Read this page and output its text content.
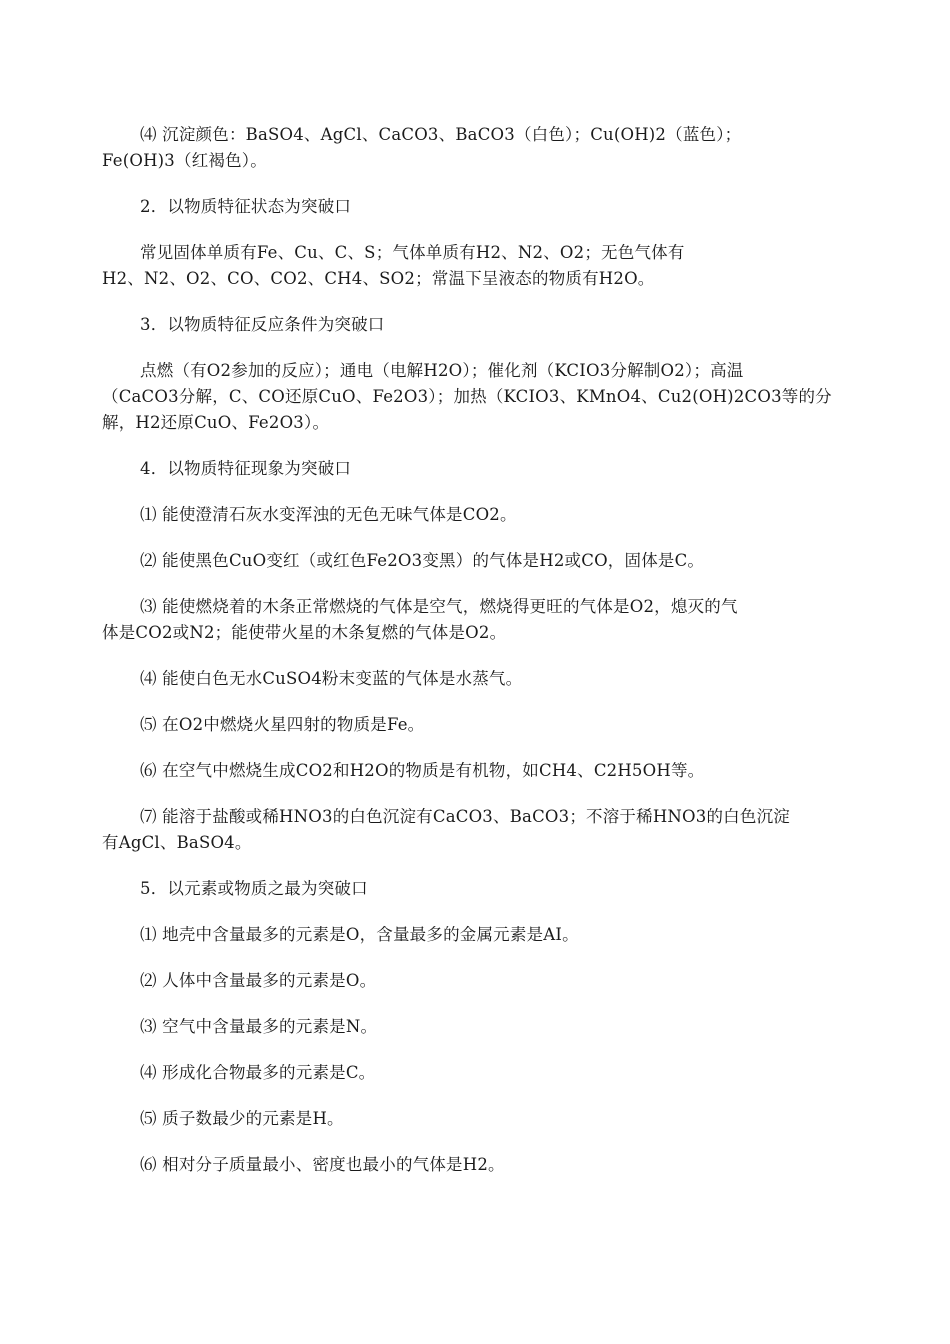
⑷ 沉淀颜色：BaSO4、AgCl、CaCO3、BaCO3（白色）；Cu(OH)2（蓝色）；
Fe(OH)3（红褐色）。

2．以物质特征状态为突破口

常见固体单质有Fe、Cu、C、S；气体单质有H2、N2、O2；无色气体有
H2、N2、O2、CO、CO2、CH4、SO2；常温下呈液态的物质有H2O。

3．以物质特征反应条件为突破口

点燃（有O2参加的反应）；通电（电解H2O）；催化剂（KCIO3分解制O2）；高温
（CaCO3分解，C、CO还原CuO、Fe2O3）；加热（KCIO3、KMnO4、Cu2(OH)2CO3等的分
解，H2还原CuO、Fe2O3）。

4．以物质特征现象为突破口

⑴ 能使澄清石灰水变浑浊的无色无味气体是CO2。

⑵ 能使黑色CuO变红（或红色Fe2O3变黑）的气体是H2或CO，固体是C。

⑶ 能使燃烧着的木条正常燃烧的气体是空气，燃烧得更旺的气体是O2，熄灭的气
体是CO2或N2；能使带火星的木条复燃的气体是O2。

⑷ 能使白色无水CuSO4粉末变蓝的气体是水蒸气。

⑸ 在O2中燃烧火星四射的物质是Fe。

⑹ 在空气中燃烧生成CO2和H2O的物质是有机物，如CH4、C2H5OH等。

⑺ 能溶于盐酸或稀HNO3的白色沉淀有CaCO3、BaCO3；不溶于稀HNO3的白色沉淀
有AgCl、BaSO4。

5．以元素或物质之最为突破口

⑴ 地壳中含量最多的元素是O，含量最多的金属元素是AI。

⑵ 人体中含量最多的元素是O。

⑶ 空气中含量最多的元素是N。

⑷ 形成化合物最多的元素是C。

⑸ 质子数最少的元素是H。

⑹ 相对分子质量最小、密度也最小的气体是H2。
